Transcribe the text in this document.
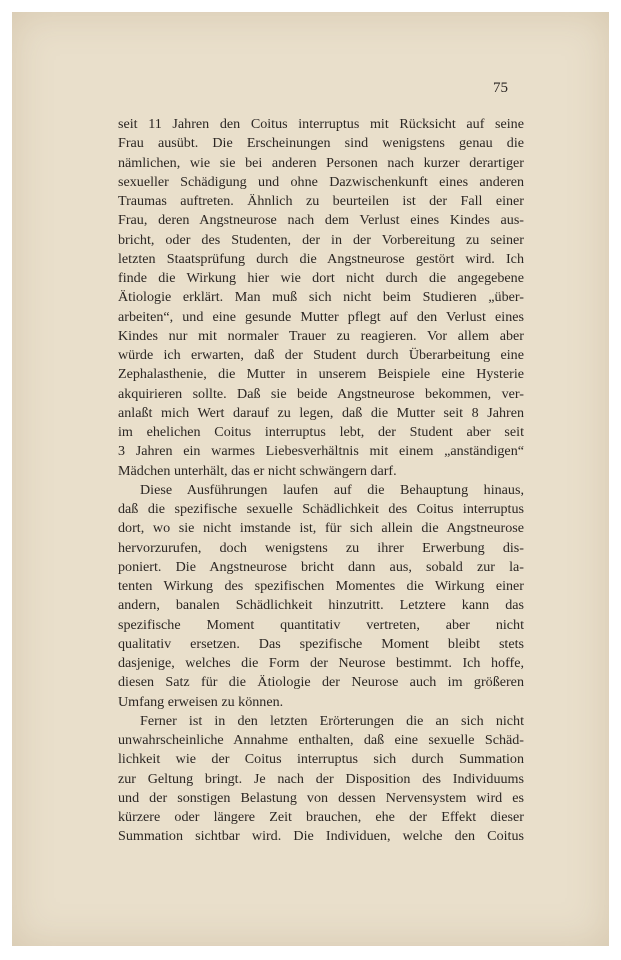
75
seit 11 Jahren den Coitus interruptus mit Rücksicht auf seine
Frau ausübt. Die Erscheinungen sind wenigstens genau die
nämlichen, wie sie bei anderen Personen nach kurzer derartiger
sexueller Schädigung und ohne Dazwischenkunft eines anderen
Traumas auftreten. Ähnlich zu beurteilen ist der Fall einer
Frau, deren Angstneurose nach dem Verlust eines Kindes aus-
bricht, oder des Studenten, der in der Vorbereitung zu seiner
letzten Staatsprüfung durch die Angstneurose gestört wird. Ich
finde die Wirkung hier wie dort nicht durch die angegebene
Ätiologie erklärt. Man muß sich nicht beim Studieren „über-
arbeiten“, und eine gesunde Mutter pflegt auf den Verlust eines
Kindes nur mit normaler Trauer zu reagieren. Vor allem aber
würde ich erwarten, daß der Student durch Überarbeitung eine
Zephalasthenie, die Mutter in unserem Beispiele eine Hysterie
akquirieren sollte. Daß sie beide Angstneurose bekommen, ver-
anlaßt mich Wert darauf zu legen, daß die Mutter seit 8 Jahren
im ehelichen Coitus interruptus lebt, der Student aber seit
3 Jahren ein warmes Liebesverhältnis mit einem „anständigen“
Mädchen unterhält, das er nicht schwängern darf.
Diese Ausführungen laufen auf die Behauptung hinaus,
daß die spezifische sexuelle Schädlichkeit des Coitus interruptus
dort, wo sie nicht imstande ist, für sich allein die Angstneurose
hervorzurufen, doch wenigstens zu ihrer Erwerbung dis-
poniert. Die Angstneurose bricht dann aus, sobald zur la-
tenten Wirkung des spezifischen Momentes die Wirkung einer
andern, banalen Schädlichkeit hinzutritt. Letztere kann das
spezifische Moment quantitativ vertreten, aber nicht
qualitativ ersetzen. Das spezifische Moment bleibt stets
dasjenige, welches die Form der Neurose bestimmt. Ich hoffe,
diesen Satz für die Ätiologie der Neurose auch im größeren
Umfang erweisen zu können.
Ferner ist in den letzten Erörterungen die an sich nicht
unwahrscheinliche Annahme enthalten, daß eine sexuelle Schäd-
lichkeit wie der Coitus interruptus sich durch Summation
zur Geltung bringt. Je nach der Disposition des Individuums
und der sonstigen Belastung von dessen Nervensystem wird es
kürzere oder längere Zeit brauchen, ehe der Effekt dieser
Summation sichtbar wird. Die Individuen, welche den Coitus
